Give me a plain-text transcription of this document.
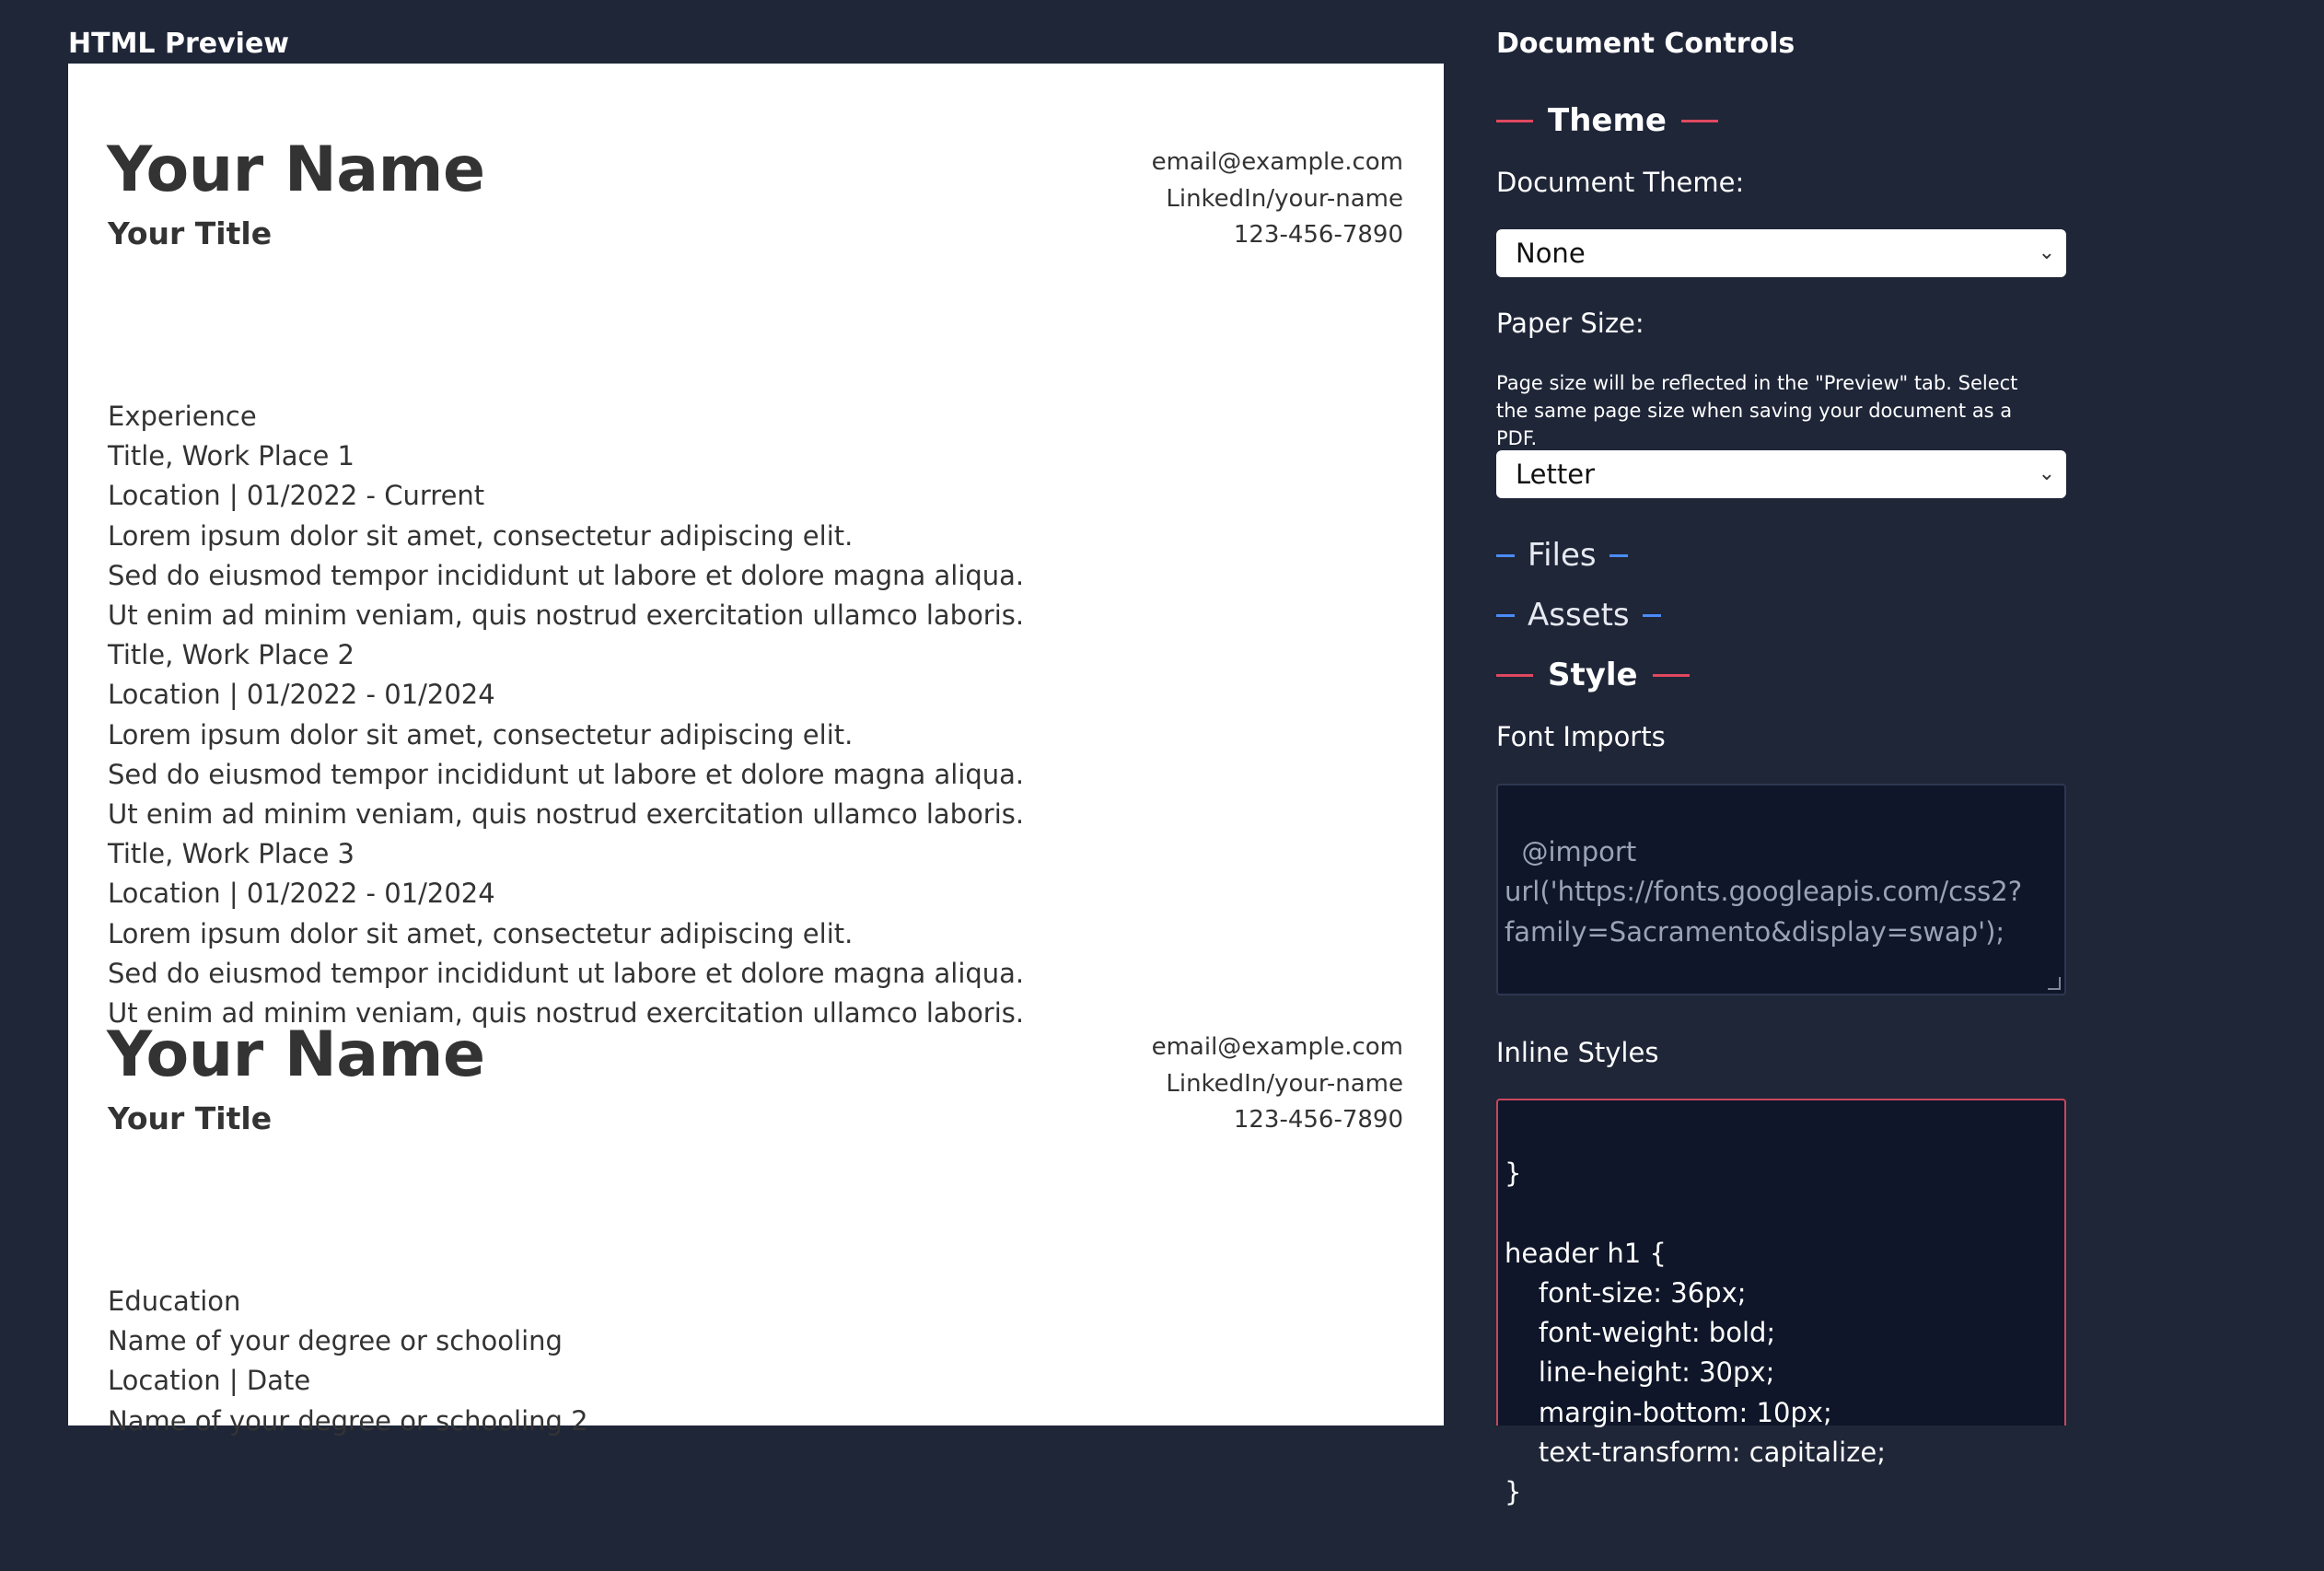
HTML Preview
Your Name
Your Title
email@example.com
LinkedIn/your-name
123-456-7890
Experience
Title, Work Place 1
Location | 01/2022 - Current
Lorem ipsum dolor sit amet, consectetur adipiscing elit.
Sed do eiusmod tempor incididunt ut labore et dolore magna aliqua.
Ut enim ad minim veniam, quis nostrud exercitation ullamco laboris.
Title, Work Place 2
Location | 01/2022 - 01/2024
Lorem ipsum dolor sit amet, consectetur adipiscing elit.
Sed do eiusmod tempor incididunt ut labore et dolore magna aliqua.
Ut enim ad minim veniam, quis nostrud exercitation ullamco laboris.
Title, Work Place 3
Location | 01/2022 - 01/2024
Lorem ipsum dolor sit amet, consectetur adipiscing elit.
Sed do eiusmod tempor incididunt ut labore et dolore magna aliqua.
Ut enim ad minim veniam, quis nostrud exercitation ullamco laboris.
Your Name
Your Title
email@example.com
LinkedIn/your-name
123-456-7890
Education
Name of your degree or schooling
Location | Date
Name of your degree or schooling 2
Document Controls
Theme
Document Theme:
None	⌄
Paper Size:
Page size will be reflected in the "Preview" tab. Select the same page size when saving your document as a PDF.
Letter	⌄
Files
Assets
Style
Font Imports

@import url('https://fonts.googleapis.com/css2?family=Sacramento&display=swap');

Inline Styles

}

header h1 {
font-size: 36px;
font-weight: bold;
line-height: 30px;
margin-bottom: 10px;
text-transform: capitalize;
}
